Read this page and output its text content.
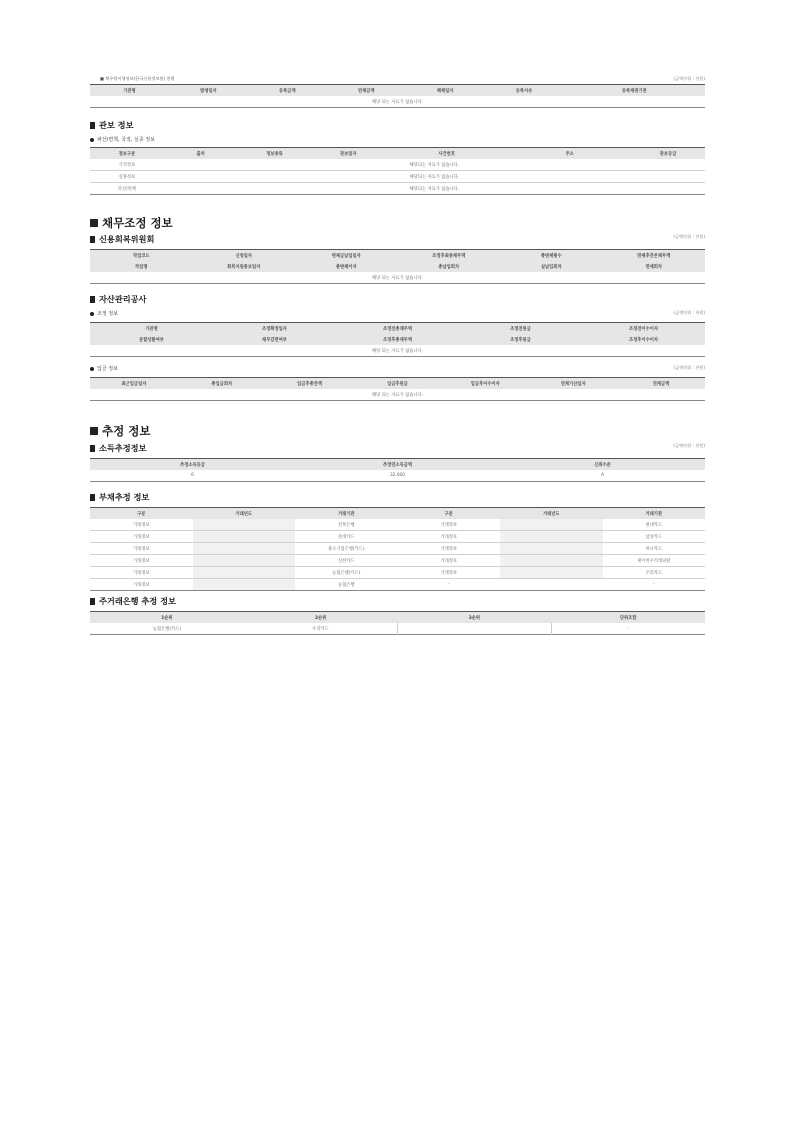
■ 채무불이행정보(한국신용정보원) 현황	(금액단위 : 천원)
기관명	발생일자	등록금액	연체금액	해제일자	등록사유	등록재권기관
해당 되는 자료가 없습니다.
관보 정보
파산/면책, 국적, 실종 정보
정보구분	출처	정보종류	관보일자	사건번호	주소	관보등급
국적정보	해당되는 자료가 없습니다.					
실종정보	해당되는 자료가 없습니다.					
파산/면책	해당되는 자료가 없습니다.					
채무조정 정보
신용회복위원회	(금액단위 : 천원)
작업코드	신청일자	변제금납입일자	조정후최종채무액	총변제횟수	면제후잔존채무액
작업명	회복지원통보일자	총변제이자	총납입회차	실납입회차	면제회차
해당 되는 자료가 없습니다.					
자산관리공사
조정 정보	(금액단위 : 천원)
기관명	조정확정일자	조정전총채무액	조정전원금	조정전이수이자
분할상환여부	채무감면여부	조정후총채무액	조정후원금	조정후이수이자
해당 되는 자료가 없습니다.				
입금 정보	(금액단위 : 천원)
최근입금일자	총입금회차	입금후총잔액	입금후원금	입금후이수이자	연체기산일자	연체금액
해당 되는 자료가 없습니다.
추정 정보
소득추정정보	(금액단위 : 천원)
추정소득등급	추정연소득금액	신뢰수준
6	32,000	A
부채추정 정보
구분	거래년도	거래기관	구분	거래년도	거래기관
거래정보		전북은행	거래정보		현대카드
거래정보		롯데카드	거래정보		삼성카드
거래정보		중소기업은행(카드)	거래정보		하나카드
거래정보		신한카드	거래정보		제이비우리캐피탈
거래정보		농협은행(카드)	거래정보		우리카드
거래정보		농협은행	-		-
주거래은행 추정 정보
1순위	2순위	3순위	단위조합
농협은행(카드)	우리카드		-
